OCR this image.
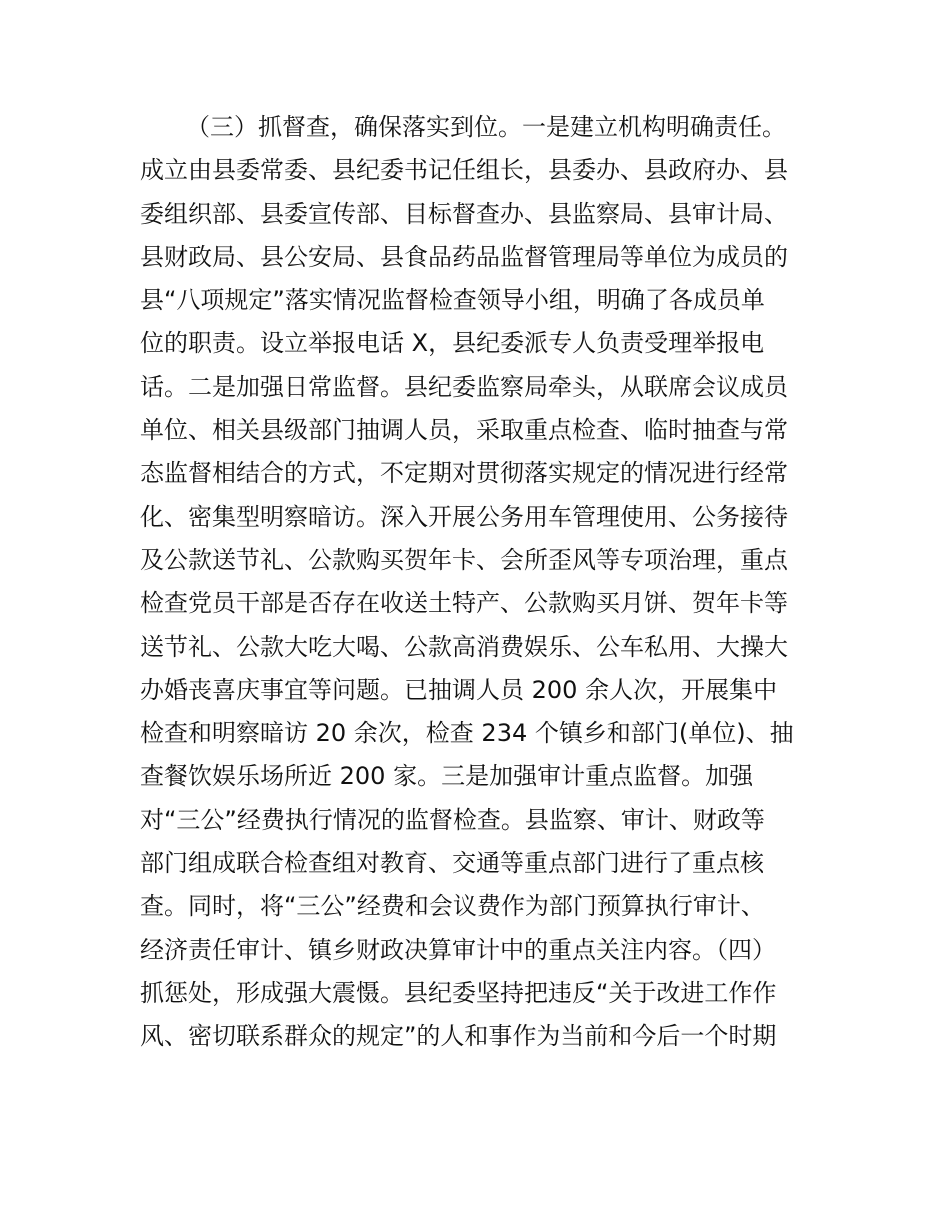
（三）抓督查，确保落实到位。一是建立机构明确责任。
成立由县委常委、县纪委书记任组长，县委办、县政府办、县
委组织部、县委宣传部、目标督查办、县监察局、县审计局、
县财政局、县公安局、县食品药品监督管理局等单位为成员的
县“八项规定”落实情况监督检查领导小组，明确了各成员单
位的职责。设立举报电话 X，县纪委派专人负责受理举报电
话。二是加强日常监督。县纪委监察局牵头，从联席会议成员
单位、相关县级部门抽调人员，采取重点检查、临时抽查与常
态监督相结合的方式，不定期对贯彻落实规定的情况进行经常
化、密集型明察暗访。深入开展公务用车管理使用、公务接待
及公款送节礼、公款购买贺年卡、会所歪风等专项治理，重点
检查党员干部是否存在收送土特产、公款购买月饼、贺年卡等
送节礼、公款大吃大喝、公款高消费娱乐、公车私用、大操大
办婚丧喜庆事宜等问题。已抽调人员 200 余人次，开展集中
检查和明察暗访 20 余次，检查 234 个镇乡和部门(单位)、抽
查餐饮娱乐场所近 200 家。三是加强审计重点监督。加强
对“三公”经费执行情况的监督检查。县监察、审计、财政等
部门组成联合检查组对教育、交通等重点部门进行了重点核
查。同时，将“三公”经费和会议费作为部门预算执行审计、
经济责任审计、镇乡财政决算审计中的重点关注内容。（四）
抓惩处，形成强大震慑。县纪委坚持把违反“关于改进工作作
风、密切联系群众的规定”的人和事作为当前和今后一个时期
